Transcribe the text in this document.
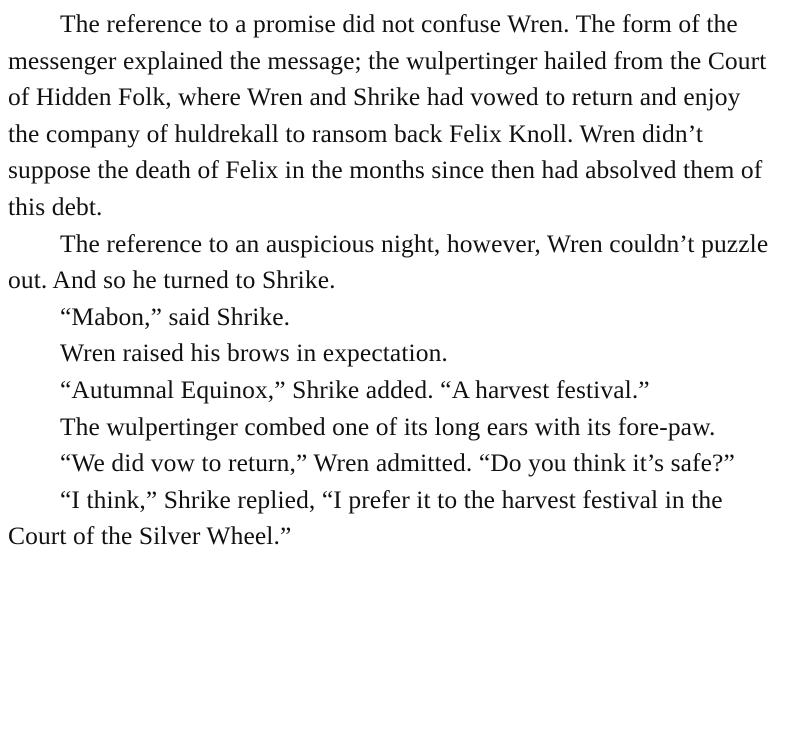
The reference to a promise did not confuse Wren. The form of the messenger explained the message; the wulpertinger hailed from the Court of Hidden Folk, where Wren and Shrike had vowed to return and enjoy the company of huldrekall to ransom back Felix Knoll. Wren didn’t suppose the death of Felix in the months since then had absolved them of this debt.

The reference to an auspicious night, however, Wren couldn’t puzzle out. And so he turned to Shrike.

“Mabon,” said Shrike.

Wren raised his brows in expectation.

“Autumnal Equinox,” Shrike added. “A harvest festival.”

The wulpertinger combed one of its long ears with its fore-paw.

“We did vow to return,” Wren admitted. “Do you think it’s safe?”

“I think,” Shrike replied, “I prefer it to the harvest festival in the Court of the Silver Wheel.”
